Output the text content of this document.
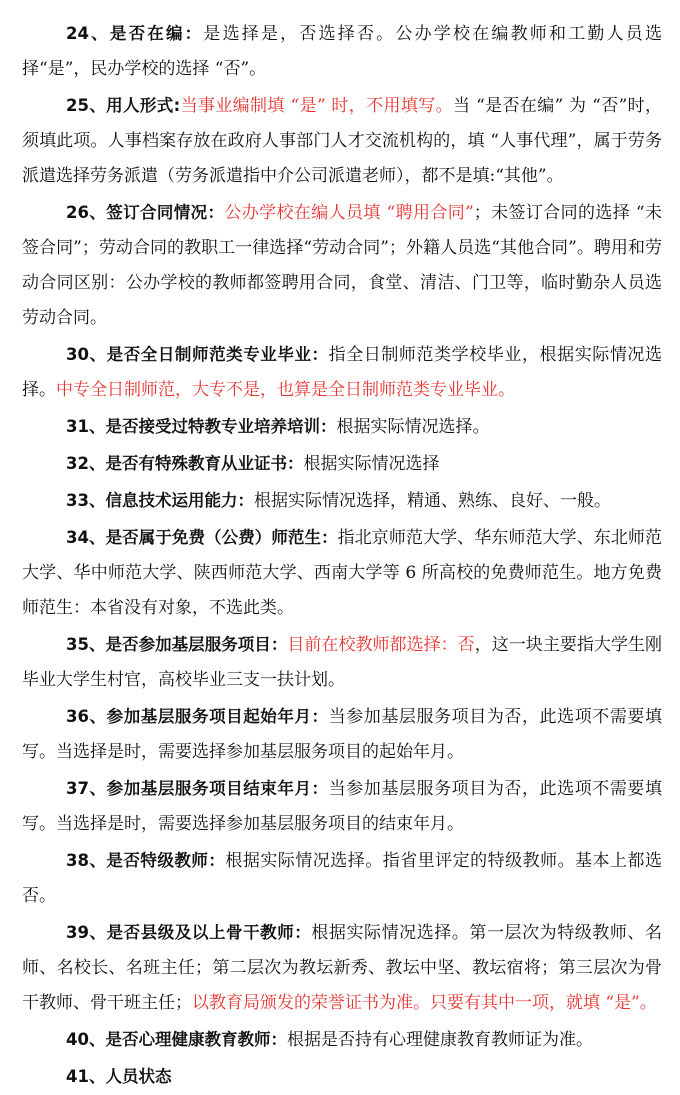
24、是否在编：是选择是，否选择否。公办学校在编教师和工勤人员选择“是”，民办学校的选择 “否”。

25、用人形式:当事业编制填 “是” 时，不用填写。当 “是否在编” 为 “否”时，须填此项。人事档案存放在政府人事部门人才交流机构的，填 “人事代理”，属于劳务派遣选择劳务派遣（劳务派遣指中介公司派遣老师），都不是填:“其他”。

26、签订合同情况：公办学校在编人员填 “聘用合同”；未签订合同的选择 “未签合同”；劳动合同的教职工一律选择“劳动合同”；外籍人员选“其他合同”。聘用和劳动合同区别：公办学校的教师都签聘用合同，食堂、清洁、门卫等，临时勤杂人员选劳动合同。

30、是否全日制师范类专业毕业：指全日制师范类学校毕业，根据实际情况选择。中专全日制师范，大专不是，也算是全日制师范类专业毕业。

31、是否接受过特教专业培养培训：根据实际情况选择。

32、是否有特殊教育从业证书：根据实际情况选择

33、信息技术运用能力：根据实际情况选择，精通、熟练、良好、一般。

34、是否属于免费（公费）师范生：指北京师范大学、华东师范大学、东北师范大学、华中师范大学、陕西师范大学、西南大学等 6 所高校的免费师范生。地方免费师范生：本省没有对象，不选此类。

35、是否参加基层服务项目：目前在校教师都选择：否，这一块主要指大学生刚毕业大学生村官，高校毕业三支一扶计划。

36、参加基层服务项目起始年月：当参加基层服务项目为否，此选项不需要填写。当选择是时，需要选择参加基层服务项目的起始年月。

37、参加基层服务项目结束年月：当参加基层服务项目为否，此选项不需要填写。当选择是时，需要选择参加基层服务项目的结束年月。

38、是否特级教师：根据实际情况选择。指省里评定的特级教师。基本上都选否。

39、是否县级及以上骨干教师：根据实际情况选择。第一层次为特级教师、名师、名校长、名班主任；第二层次为教坛新秀、教坛中坚、教坛宿将；第三层次为骨干教师、骨干班主任；以教育局颁发的荣誉证书为准。只要有其中一项，就填 “是”。

40、是否心理健康教育教师：根据是否持有心理健康教育教师证为准。

41、人员状态
